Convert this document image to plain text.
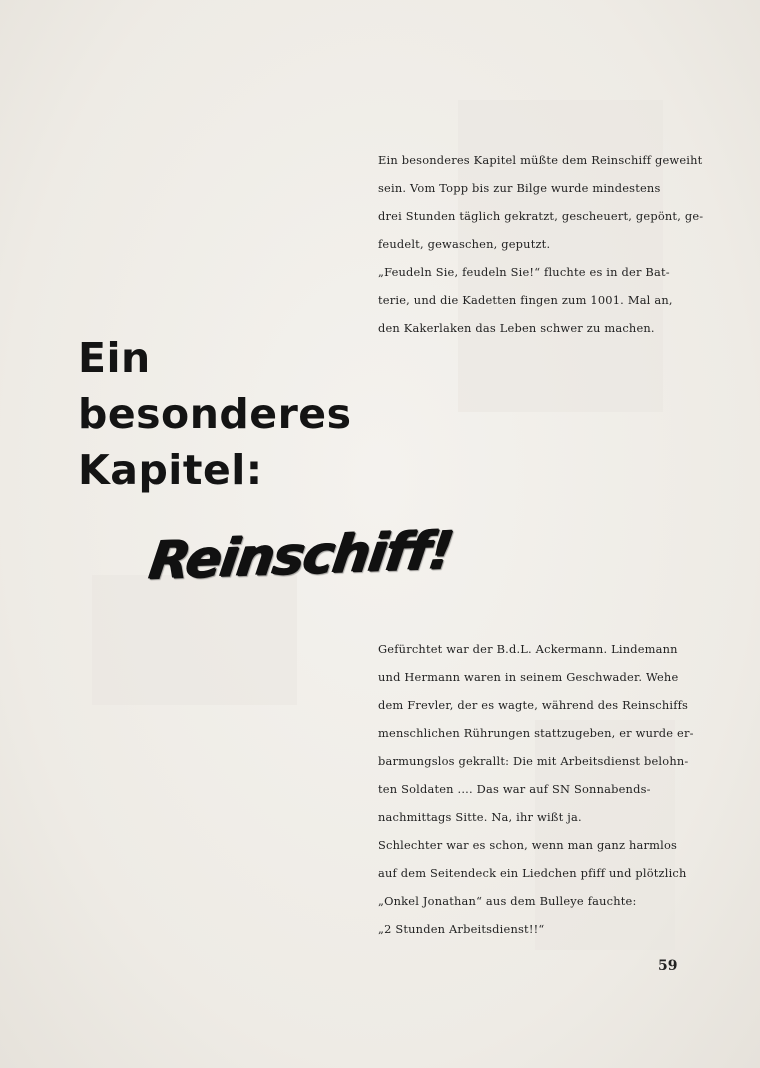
Ein besonderes Kapitel müßte dem Reinschiff geweiht

sein. Vom Topp bis zur Bilge wurde mindestens

drei Stunden täglich gekratzt, gescheuert, gepönt, ge-

feudelt, gewaschen, geputzt.

„Feudeln Sie, feudeln Sie!“ fluchte es in der Bat-

terie, und die Kadetten fingen zum 1001. Mal an,

den Kakerlaken das Leben schwer zu machen.

Ein
besonderes
Kapitel:
Reinschiff!

Gefürchtet war der B.d.L. Ackermann. Lindemann

und Hermann waren in seinem Geschwader. Wehe

dem Frevler, der es wagte, während des Reinschiffs

menschlichen Rührungen stattzugeben, er wurde er-

barmungslos gekrallt: Die mit Arbeitsdienst belohn-

ten Soldaten .... Das war auf SN Sonnabends-

nachmittags Sitte. Na, ihr wißt ja.

Schlechter war es schon, wenn man ganz harmlos

auf dem Seitendeck ein Liedchen pfiff und plötzlich

„Onkel Jonathan“ aus dem Bulleye fauchte:

„2 Stunden Arbeitsdienst!!“

59
